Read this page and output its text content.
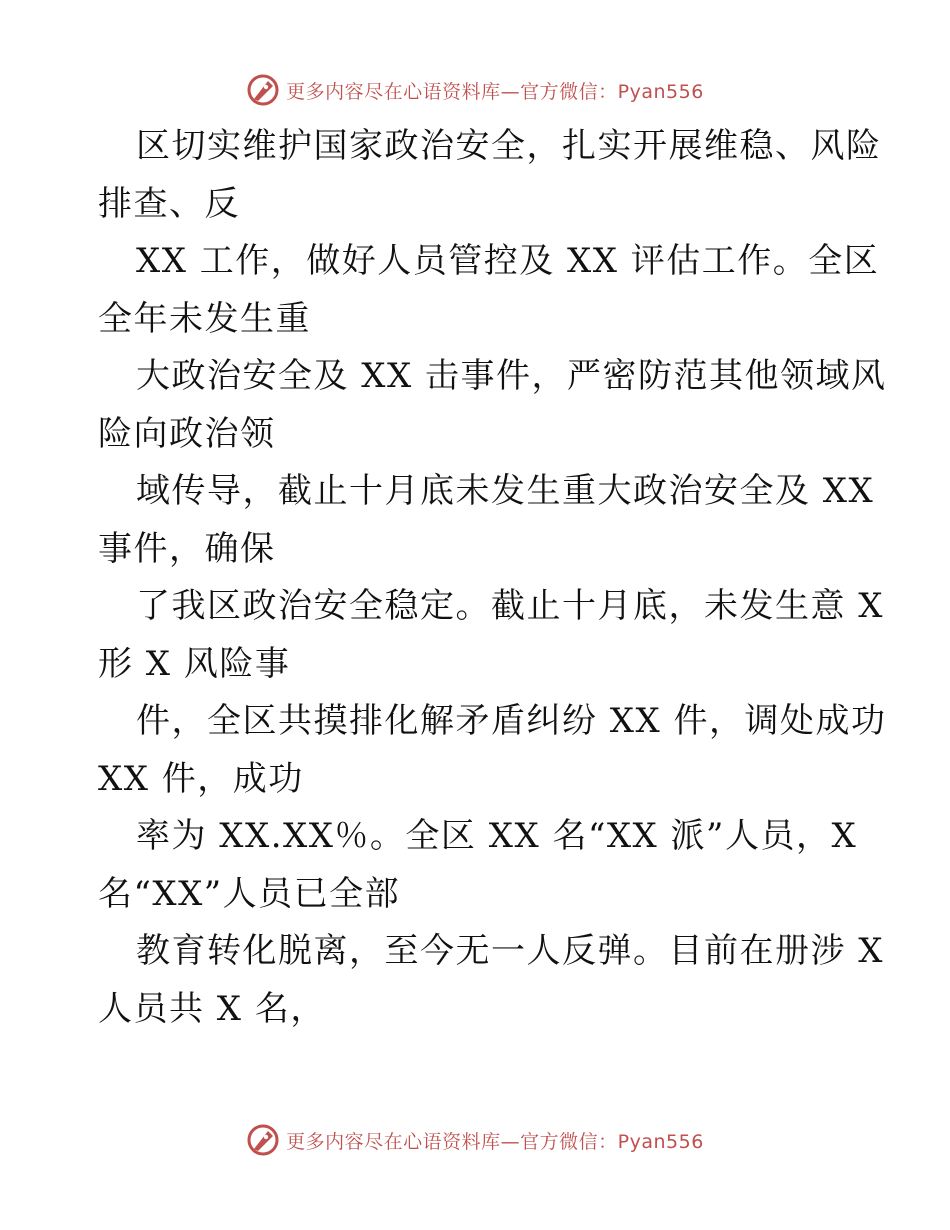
更多内容尽在心语资料库—官方微信：Pyan556
区切实维护国家政治安全，扎实开展维稳、风险
排查、反
XX 工作，做好人员管控及 XX 评估工作。全区
全年未发生重
大政治安全及 XX 击事件，严密防范其他领域风
险向政治领
域传导，截止十月底未发生重大政治安全及 XX
事件，确保
了我区政治安全稳定。截止十月底，未发生意 X
形 X 风险事
件，全区共摸排化解矛盾纠纷 XX 件，调处成功
XX 件，成功
率为 XX.XX％。全区 XX 名“XX 派”人员，X
名“XX”人员已全部
教育转化脱离，至今无一人反弹。目前在册涉 X
人员共 X 名，
更多内容尽在心语资料库—官方微信：Pyan556
